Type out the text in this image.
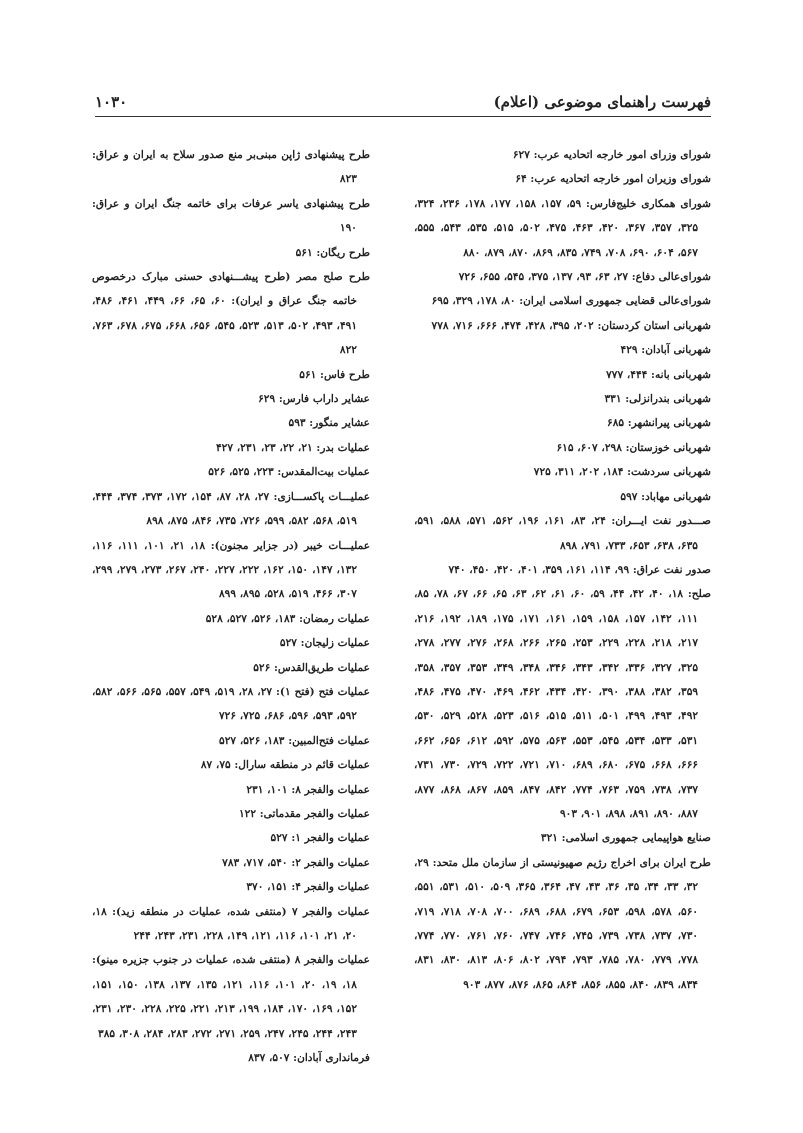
فهرست راهنمای موضوعی (اعلام)
۱۰۳۰

شورای وزرای امور خارجه اتحادیه عرب: ۶۲۷

شورای وزیران امور خارجه اتحادیه عرب: ۶۴

شورای همکاری خلیج‌فارس: ۵۹، ۱۵۷، ۱۵۸، ۱۷۷، ۱۷۸، ۲۳۶، ۳۲۴، ۳۲۵، ۳۵۷، ۳۶۷، ۴۲۰، ۴۶۳، ۴۷۵، ۵۰۲، ۵۱۵، ۵۳۵، ۵۴۳، ۵۵۵، ۵۶۷، ۶۰۴، ۶۹۰، ۷۰۸، ۷۴۹، ۸۳۵، ۸۶۹، ۸۷۰، ۸۷۹، ۸۸۰

شورای‌عالی دفاع: ۲۷، ۶۳، ۹۳، ۱۳۷، ۳۷۵، ۵۴۵، ۶۵۵، ۷۲۶

شورای‌عالی قضایی جمهوری اسلامی ایران: ۸۰، ۱۷۸، ۳۲۹، ۶۹۵

شهربانی استان کردستان: ۲۰۲، ۳۹۵، ۴۲۸، ۴۷۴، ۶۶۶، ۷۱۶، ۷۷۸

شهربانی آبادان: ۴۲۹

شهربانی بانه: ۴۴۴، ۷۷۷

شهربانی بندرانزلی: ۳۳۱

شهربانی پیرانشهر: ۶۸۵

شهربانی خوزستان: ۲۹۸، ۶۰۷، ۶۱۵

شهربانی سردشت: ۱۸۴، ۲۰۲، ۳۱۱، ۷۲۵

شهربانی مهاباد: ۵۹۷

صـــدور نفت ایـــران: ۲۴، ۸۳، ۱۶۱، ۱۹۶، ۵۶۲، ۵۷۱، ۵۸۸، ۵۹۱، ۶۳۵، ۶۳۸، ۶۵۳، ۷۳۳، ۷۹۱، ۸۹۸

صدور نفت عراق: ۹۹، ۱۱۴، ۱۶۱، ۳۵۹، ۴۰۱، ۴۲۰، ۴۵۰، ۷۴۰

صلح: ۱۸، ۴۰، ۴۲، ۴۴، ۵۹، ۶۰، ۶۱، ۶۲، ۶۳، ۶۵، ۶۶، ۶۷، ۷۸، ۸۵، ۱۱۱، ۱۴۲، ۱۵۷، ۱۵۸، ۱۵۹، ۱۶۱، ۱۷۱، ۱۷۵، ۱۸۹، ۱۹۲، ۲۱۶، ۲۱۷، ۲۱۸، ۲۲۸، ۲۲۹، ۲۵۳، ۲۶۵، ۲۶۶، ۲۶۸، ۲۷۶، ۲۷۷، ۲۷۸، ۳۲۵، ۳۲۷، ۳۳۶، ۳۴۲، ۳۴۳، ۳۴۶، ۳۴۸، ۳۴۹، ۳۵۳، ۳۵۷، ۳۵۸، ۳۵۹، ۳۸۲، ۳۸۸، ۳۹۰، ۴۲۰، ۴۳۴، ۴۶۲، ۴۶۹، ۴۷۰، ۴۷۵، ۴۸۶، ۴۹۲، ۴۹۳، ۴۹۹، ۵۰۱، ۵۱۱، ۵۱۵، ۵۱۶، ۵۲۳، ۵۲۸، ۵۲۹، ۵۳۰، ۵۳۱، ۵۳۳، ۵۳۴، ۵۴۵، ۵۵۳، ۵۶۳، ۵۷۵، ۵۹۲، ۶۱۲، ۶۵۶، ۶۶۲، ۶۶۶، ۶۶۸، ۶۷۵، ۶۸۰، ۶۸۹، ۷۱۰، ۷۲۱، ۷۲۲، ۷۲۹، ۷۳۰، ۷۳۱، ۷۳۷، ۷۳۸، ۷۵۹، ۷۶۳، ۷۷۴، ۸۴۲، ۸۴۷، ۸۵۹، ۸۶۷، ۸۶۸، ۸۷۷، ۸۸۷، ۸۹۰، ۸۹۱، ۸۹۸، ۹۰۱، ۹۰۳

صنایع هواپیمایی جمهوری اسلامی: ۳۲۱

طرح ایران برای اخراج رژیم صهیونیستی از سازمان ملل متحد: ۲۹، ۳۲، ۳۳، ۳۴، ۳۵، ۳۶، ۴۳، ۴۷، ۳۶۴، ۳۶۵، ۵۰۹، ۵۱۰، ۵۳۱، ۵۵۱، ۵۶۰، ۵۷۸، ۵۹۸، ۶۵۳، ۶۷۹، ۶۸۸، ۶۸۹، ۷۰۰، ۷۰۸، ۷۱۸، ۷۱۹، ۷۳۰، ۷۳۷، ۷۳۸، ۷۳۹، ۷۴۵، ۷۴۶، ۷۴۷، ۷۶۰، ۷۶۱، ۷۷۰، ۷۷۴، ۷۷۸، ۷۷۹، ۷۸۰، ۷۸۵، ۷۹۳، ۷۹۴، ۸۰۲، ۸۰۶، ۸۱۳، ۸۳۰، ۸۳۱، ۸۳۴، ۸۳۹، ۸۴۰، ۸۵۵، ۸۵۶، ۸۶۴، ۸۶۵، ۸۷۶، ۸۷۷، ۹۰۳

طرح پیشنهادی ژاپن مبنی‌بر منع صدور سلاح به ایران و عراق: ۸۲۳

طرح پیشنهادی یاسر عرفات برای خاتمه جنگ ایران و عراق: ۱۹۰

طرح ریگان: ۵۶۱

طرح صلح مصر (طرح پیشـــنهادی حسنی مبارک درخصوص خاتمه جنگ عراق و ایران): ۶۰، ۶۵، ۶۶، ۴۴۹، ۴۶۱، ۴۸۶، ۴۹۱، ۴۹۳، ۵۰۲، ۵۱۳، ۵۲۳، ۵۴۵، ۶۵۶، ۶۶۸، ۶۷۵، ۶۷۸، ۷۶۳، ۸۲۲

طرح فاس: ۵۶۱

عشایر داراب فارس: ۶۲۹

عشایر منگور: ۵۹۳

عملیات بدر: ۲۱، ۲۲، ۲۳، ۲۳۱، ۴۲۷

عملیات بیت‌المقدس: ۲۲۳، ۵۲۵، ۵۲۶

عملیـــات پاکســـازی: ۲۷، ۲۸، ۸۷، ۱۵۴، ۱۷۲، ۳۷۳، ۳۷۴، ۴۴۴، ۵۱۹، ۵۶۸، ۵۸۲، ۵۹۹، ۷۲۶، ۷۳۵، ۸۴۶، ۸۷۵، ۸۹۸

عملیـــات خیبر (در جزایر مجنون): ۱۸، ۲۱، ۱۰۱، ۱۱۱، ۱۱۶، ۱۳۲، ۱۴۷، ۱۵۰، ۱۶۲، ۲۲۲، ۲۲۷، ۲۴۰، ۲۶۷، ۲۷۳، ۲۷۹، ۲۹۹، ۳۰۷، ۴۶۶، ۵۱۹، ۵۲۸، ۸۹۵، ۸۹۹

عملیات رمضان: ۱۸۳، ۵۲۶، ۵۲۷، ۵۲۸

عملیات زلیجان: ۵۲۷

عملیات طریق‌القدس: ۵۲۶

عملیات فتح (فتح ۱): ۲۷، ۲۸، ۵۱۹، ۵۴۹، ۵۵۷، ۵۶۵، ۵۶۶، ۵۸۲، ۵۹۲، ۵۹۳، ۵۹۶، ۶۸۶، ۷۲۵، ۷۲۶

عملیات فتح‌المبین: ۱۸۳، ۵۲۶، ۵۲۷

عملیات قائم در منطقه سارال: ۷۵، ۸۷

عملیات والفجر ۸: ۱۰۱، ۲۳۱

عملیات والفجر مقدماتی: ۱۲۲

عملیات والفجر ۱: ۵۲۷

عملیات والفجر ۲: ۵۴۰، ۷۱۷، ۷۸۳

عملیات والفجر ۴: ۱۵۱، ۳۷۰

عملیات والفجر ۷ (منتفی شده، عملیات در منطقه زید): ۱۸، ۲۰، ۲۱، ۱۰۱، ۱۱۶، ۱۲۱، ۱۴۹، ۲۲۸، ۲۳۱، ۲۴۳، ۲۴۴

عملیات والفجر ۸ (منتفی شده، عملیات در جنوب جزیره مینو): ۱۸، ۱۹، ۲۰، ۱۰۱، ۱۱۶، ۱۲۱، ۱۳۵، ۱۳۷، ۱۳۸، ۱۵۰، ۱۵۱، ۱۵۲، ۱۶۹، ۱۷۰، ۱۸۴، ۱۹۹، ۲۱۳، ۲۲۱، ۲۲۵، ۲۲۸، ۲۳۰، ۲۳۱، ۲۴۳، ۲۴۴، ۲۴۵، ۲۴۷، ۲۵۹، ۲۷۱، ۲۷۲، ۲۸۳، ۲۸۴، ۳۰۸، ۳۸۵

فرمانداری آبادان: ۵۰۷، ۸۳۷
